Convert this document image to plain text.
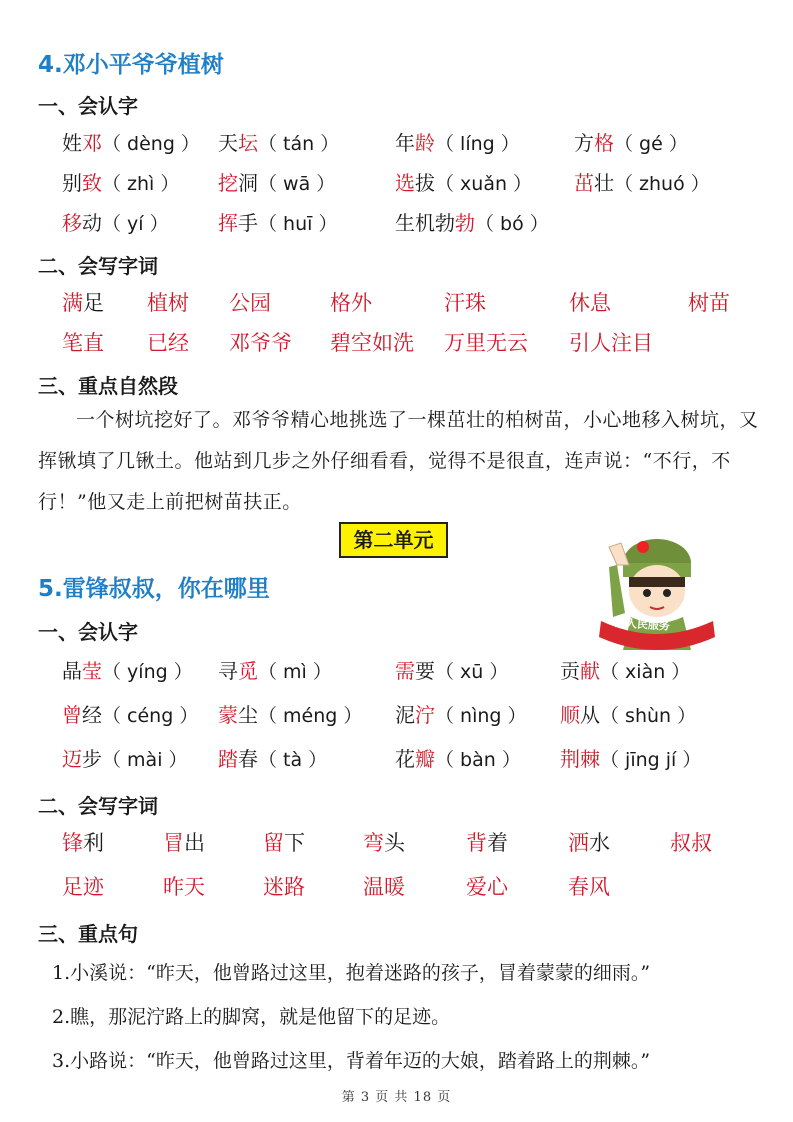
4.邓小平爷爷植树
一、会认字
姓邓（ dèng ） 天坛（ tán ）	年龄（ líng ）	方格（ gé ）
别致（ zhì ） 挖洞（ wā ）	选拔（ xuǎn ） 茁壮（ zhuó ）
移动（ yí ） 挥手（ huī ）	生机勃勃（ bó ）
二、会写字词
满足 植树 公园	格外	汗珠	休息	树苗
笔直 已经 邓爷爷 碧空如洗 万里无云 引人注目
三、重点自然段
一个树坑挖好了。邓爷爷精心地挑选了一棵茁壮的柏树苗，小心地移入树坑，又挥锹填了几锹土。他站到几步之外仔细看看，觉得不是很直，连声说：“不行，不行！”他又走上前把树苗扶正。
第二单元
5.雷锋叔叔，你在哪里
为人民服务
一、会认字
晶莹（ yíng ） 寻觅（ mì ）	需要（ xū ）	贡献（ xiàn ）
曾经（ céng ） 蒙尘（ méng ） 泥泞（ nìng ） 顺从（ shùn ）
迈步（ mài ） 踏春（ tà ）	花瓣（ bàn ） 荆棘（ jīng jí ）
二、会写字词
锋利	冒出	留下	弯头	背着	洒水	叔叔
足迹	昨天	迷路	温暖	爱心	春风
三、重点句
1.小溪说：“昨天，他曾路过这里，抱着迷路的孩子，冒着蒙蒙的细雨。”
2.瞧，那泥泞路上的脚窝，就是他留下的足迹。
3.小路说：“昨天，他曾路过这里，背着年迈的大娘，踏着路上的荆棘。”
第 3 页 共 18 页
